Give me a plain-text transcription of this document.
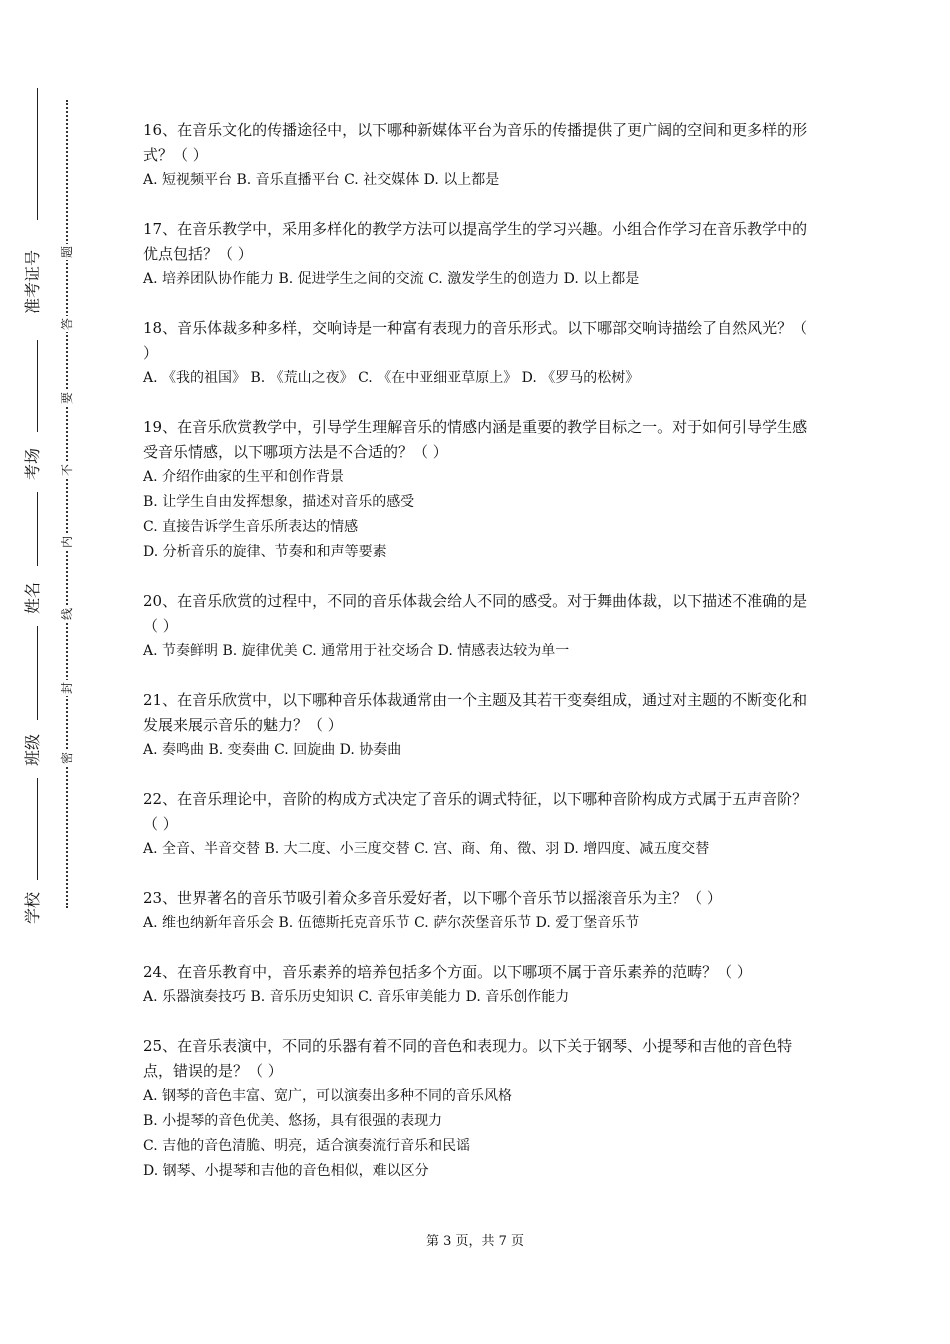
准考证号
考场
姓名
班级
学校
题
答
要
不
内
线
封
密

16、在音乐文化的传播途径中，以下哪种新媒体平台为音乐的传播提供了更广阔的空间和更多样的形式？（ ）

A. 短视频平台 B. 音乐直播平台 C. 社交媒体 D. 以上都是

17、在音乐教学中，采用多样化的教学方法可以提高学生的学习兴趣。小组合作学习在音乐教学中的优点包括？（ ）

A. 培养团队协作能力 B. 促进学生之间的交流 C. 激发学生的创造力 D. 以上都是

18、音乐体裁多种多样，交响诗是一种富有表现力的音乐形式。以下哪部交响诗描绘了自然风光？（ ）

A. 《我的祖国》 B. 《荒山之夜》 C. 《在中亚细亚草原上》 D. 《罗马的松树》

19、在音乐欣赏教学中，引导学生理解音乐的情感内涵是重要的教学目标之一。对于如何引导学生感受音乐情感，以下哪项方法是不合适的？（ ）

A. 介绍作曲家的生平和创作背景

B. 让学生自由发挥想象，描述对音乐的感受

C. 直接告诉学生音乐所表达的情感

D. 分析音乐的旋律、节奏和和声等要素

20、在音乐欣赏的过程中，不同的音乐体裁会给人不同的感受。对于舞曲体裁，以下描述不准确的是（ ）

A. 节奏鲜明 B. 旋律优美 C. 通常用于社交场合 D. 情感表达较为单一

21、在音乐欣赏中，以下哪种音乐体裁通常由一个主题及其若干变奏组成，通过对主题的不断变化和发展来展示音乐的魅力？（ ）

A. 奏鸣曲 B. 变奏曲 C. 回旋曲 D. 协奏曲

22、在音乐理论中，音阶的构成方式决定了音乐的调式特征，以下哪种音阶构成方式属于五声音阶？（ ）

A. 全音、半音交替 B. 大二度、小三度交替 C. 宫、商、角、徵、羽 D. 增四度、减五度交替

23、世界著名的音乐节吸引着众多音乐爱好者，以下哪个音乐节以摇滚音乐为主？（ ）

A. 维也纳新年音乐会 B. 伍德斯托克音乐节 C. 萨尔茨堡音乐节 D. 爱丁堡音乐节

24、在音乐教育中，音乐素养的培养包括多个方面。以下哪项不属于音乐素养的范畴？（ ）

A. 乐器演奏技巧 B. 音乐历史知识 C. 音乐审美能力 D. 音乐创作能力

25、在音乐表演中，不同的乐器有着不同的音色和表现力。以下关于钢琴、小提琴和吉他的音色特点，错误的是？（ ）

A. 钢琴的音色丰富、宽广，可以演奏出多种不同的音乐风格

B. 小提琴的音色优美、悠扬，具有很强的表现力

C. 吉他的音色清脆、明亮，适合演奏流行音乐和民谣

D. 钢琴、小提琴和吉他的音色相似，难以区分

第 3 页，共 7 页
